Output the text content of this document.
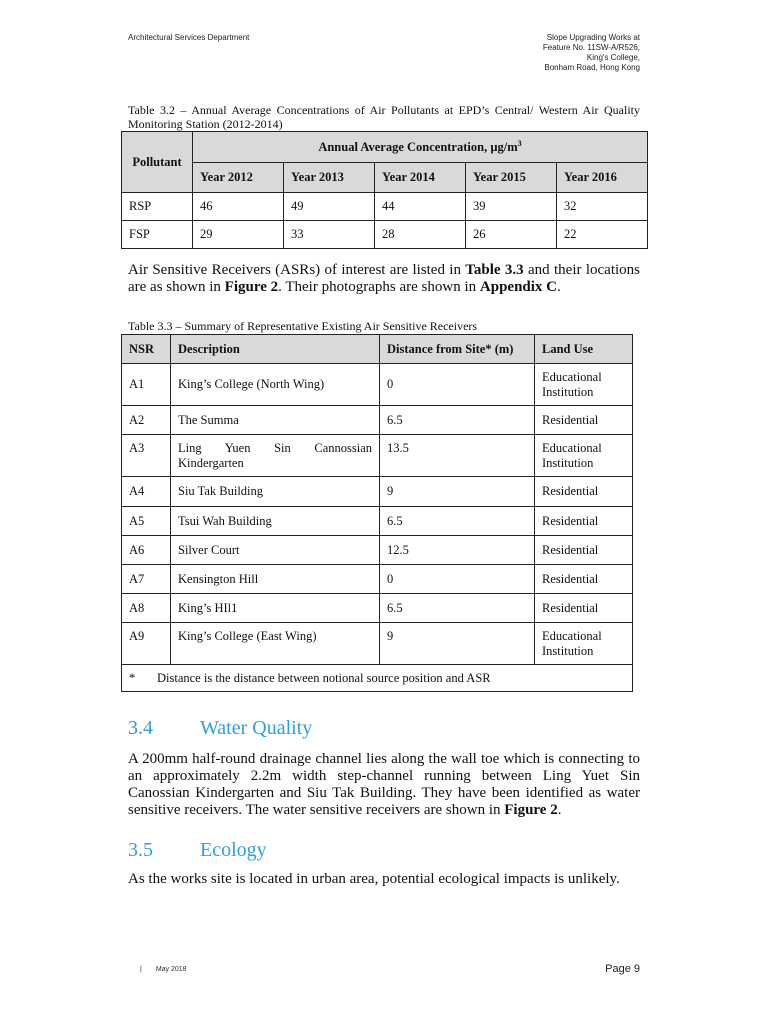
Architectural Services Department	Slope Upgrading Works at
Feature No. 11SW-A/R526,
King's College,
Bonham Road, Hong Kong
Table 3.2 – Annual Average Concentrations of Air Pollutants at EPD’s Central/ Western Air Quality Monitoring Station (2012-2014)
Pollutant	Annual Average Concentration, $\mu g/m^3$
	Year 2012	Year 2013	Year 2014	Year 2015	Year 2016
RSP	46	49	44	39	32
FSP	29	33	28	26	22
Air Sensitive Receivers (ASRs) of interest are listed in Table 3.3 and their locations are as shown in Figure 2. Their photographs are shown in Appendix C.
Table 3.3 – Summary of Representative Existing Air Sensitive Receivers
NSR	Description	Distance from Site* (m)	Land Use
A1	King’s College (North Wing)	0	Educational Institution
A2	The Summa	6.5	Residential
A3	Ling Yuen Sin Cannossian Kindergarten	13.5	Educational Institution
A4	Siu Tak Building	9	Residential
A5	Tsui Wah Building	6.5	Residential
A6	Silver Court	12.5	Residential
A7	Kensington Hill	0	Residential
A8	King’s HIl1	6.5	Residential
A9	King’s College (East Wing)	9	Educational Institution
* Distance is the distance between notional source position and ASR			
3.4 Water Quality
A 200mm half-round drainage channel lies along the wall toe which is connecting to an approximately 2.2m width step-channel running between Ling Yuet Sin Canossian Kindergarten and Siu Tak Building. They have been identified as water sensitive receivers. The water sensitive receivers are shown in Figure 2.
3.5 Ecology
As the works site is located in urban area, potential ecological impacts is unlikely.
| May 2018	Page 9
